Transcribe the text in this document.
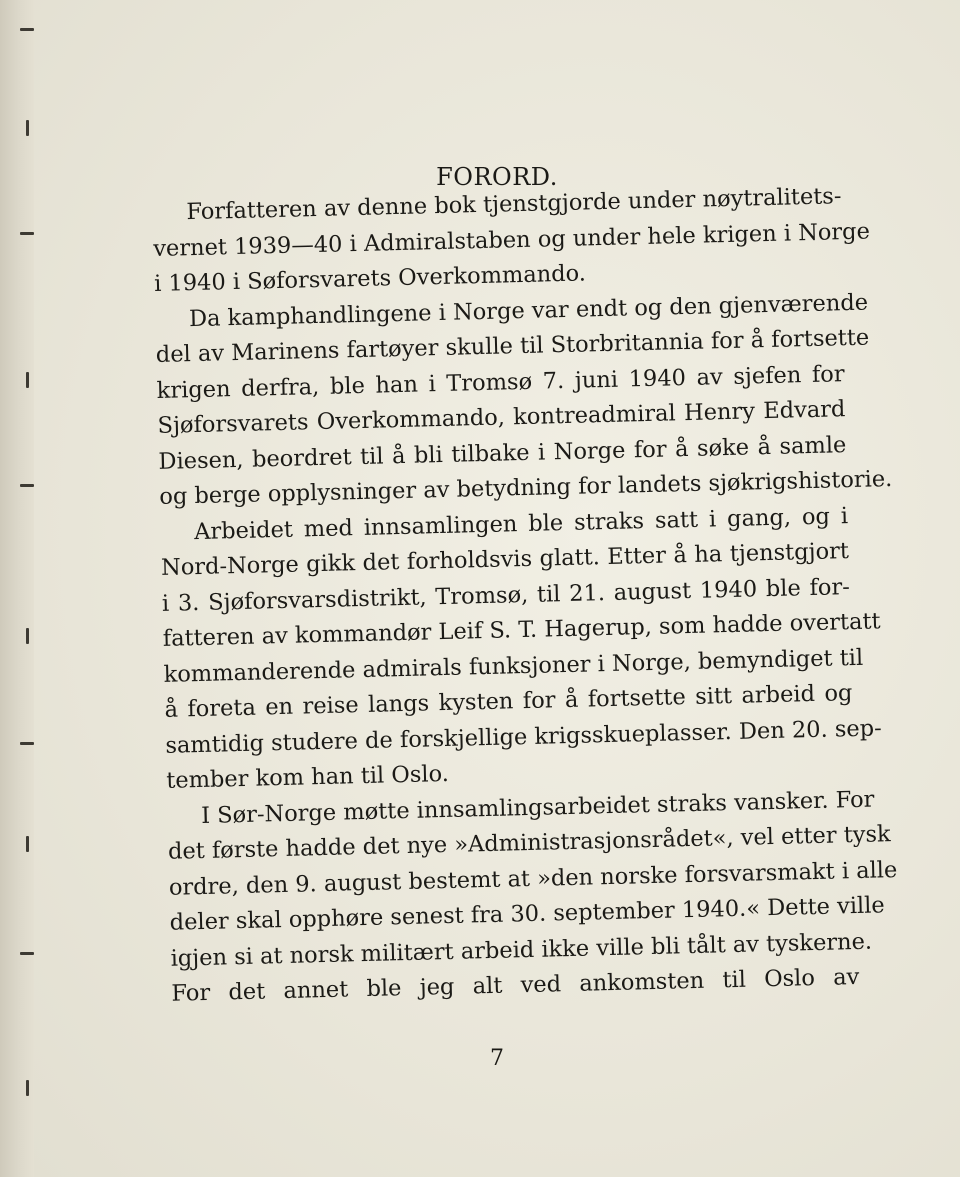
FORORD.
Forfatteren av denne bok tjenstgjorde under nøytralitets-
vernet 1939—40 i Admiralstaben og under hele krigen i Norge
i 1940 i Søforsvarets Overkommando.
Da kamphandlingene i Norge var endt og den gjenværende
del av Marinens fartøyer skulle til Storbritannia for å fortsette
krigen derfra, ble han i Tromsø 7. juni 1940 av sjefen for
Sjøforsvarets Overkommando, kontreadmiral Henry Edvard
Diesen, beordret til å bli tilbake i Norge for å søke å samle
og berge opplysninger av betydning for landets sjøkrigshistorie.
Arbeidet med innsamlingen ble straks satt i gang, og i
Nord-Norge gikk det forholdsvis glatt. Etter å ha tjenstgjort
i 3. Sjøforsvarsdistrikt, Tromsø, til 21. august 1940 ble for-
fatteren av kommandør Leif S. T. Hagerup, som hadde overtatt
kommanderende admirals funksjoner i Norge, bemyndiget til
å foreta en reise langs kysten for å fortsette sitt arbeid og
samtidig studere de forskjellige krigsskueplasser. Den 20. sep-
tember kom han til Oslo.
I Sør-Norge møtte innsamlingsarbeidet straks vansker. For
det første hadde det nye »Administrasjonsrådet«, vel etter tysk
ordre, den 9. august bestemt at »den norske forsvarsmakt i alle
deler skal opphøre senest fra 30. september 1940.« Dette ville
igjen si at norsk militært arbeid ikke ville bli tålt av tyskerne.
For det annet ble jeg alt ved ankomsten til Oslo av
7
